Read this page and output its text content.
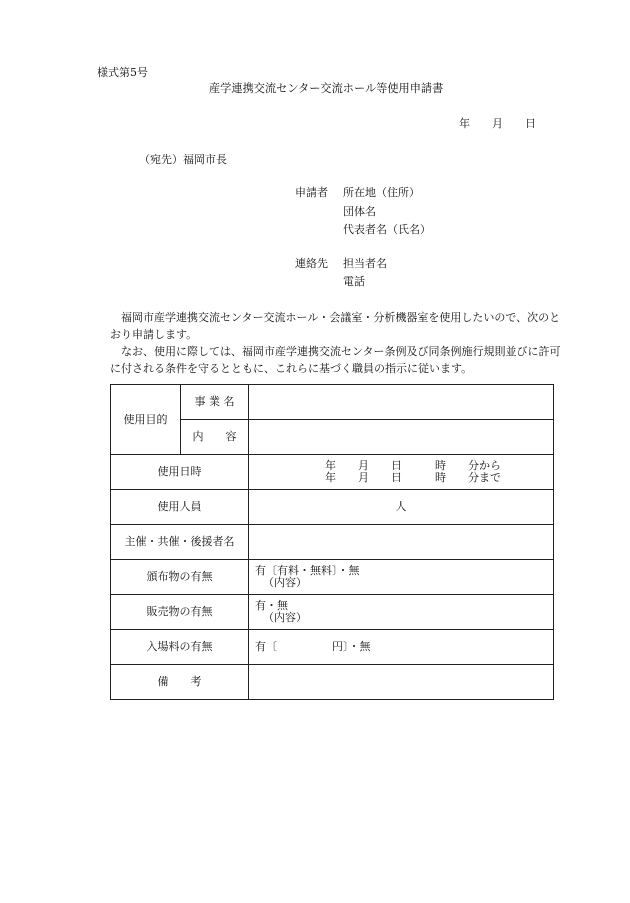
様式第5号
産学連携交流センター交流ホール等使用申請書
年　　月　　日
（宛先）福岡市長
申請者 所在地（住所）
団体名
代表者名（氏名）
連絡先 担当者名
電話
　福岡市産学連携交流センター交流ホール・会議室・分析機器室を使用したいので、次のとおり申請します。
　なお、使用に際しては、福岡市産学連携交流センター条例及び同条例施行規則並びに許可に付される条件を守るとともに、これらに基づく職員の指示に従います。
使用目的	事 業 名	
	内　　容	
使用日時		年　　月　　日　　　時　　分から
年　　月　　日　　　時　　分まで

使用人員		人
主催・共催・後援者名		
頒布物の有無		有〔有料・無料〕・無
（内容）

販売物の有無		有・無
（内容）

入場料の有無		有〔　　　　　円〕・無
備　　考		
